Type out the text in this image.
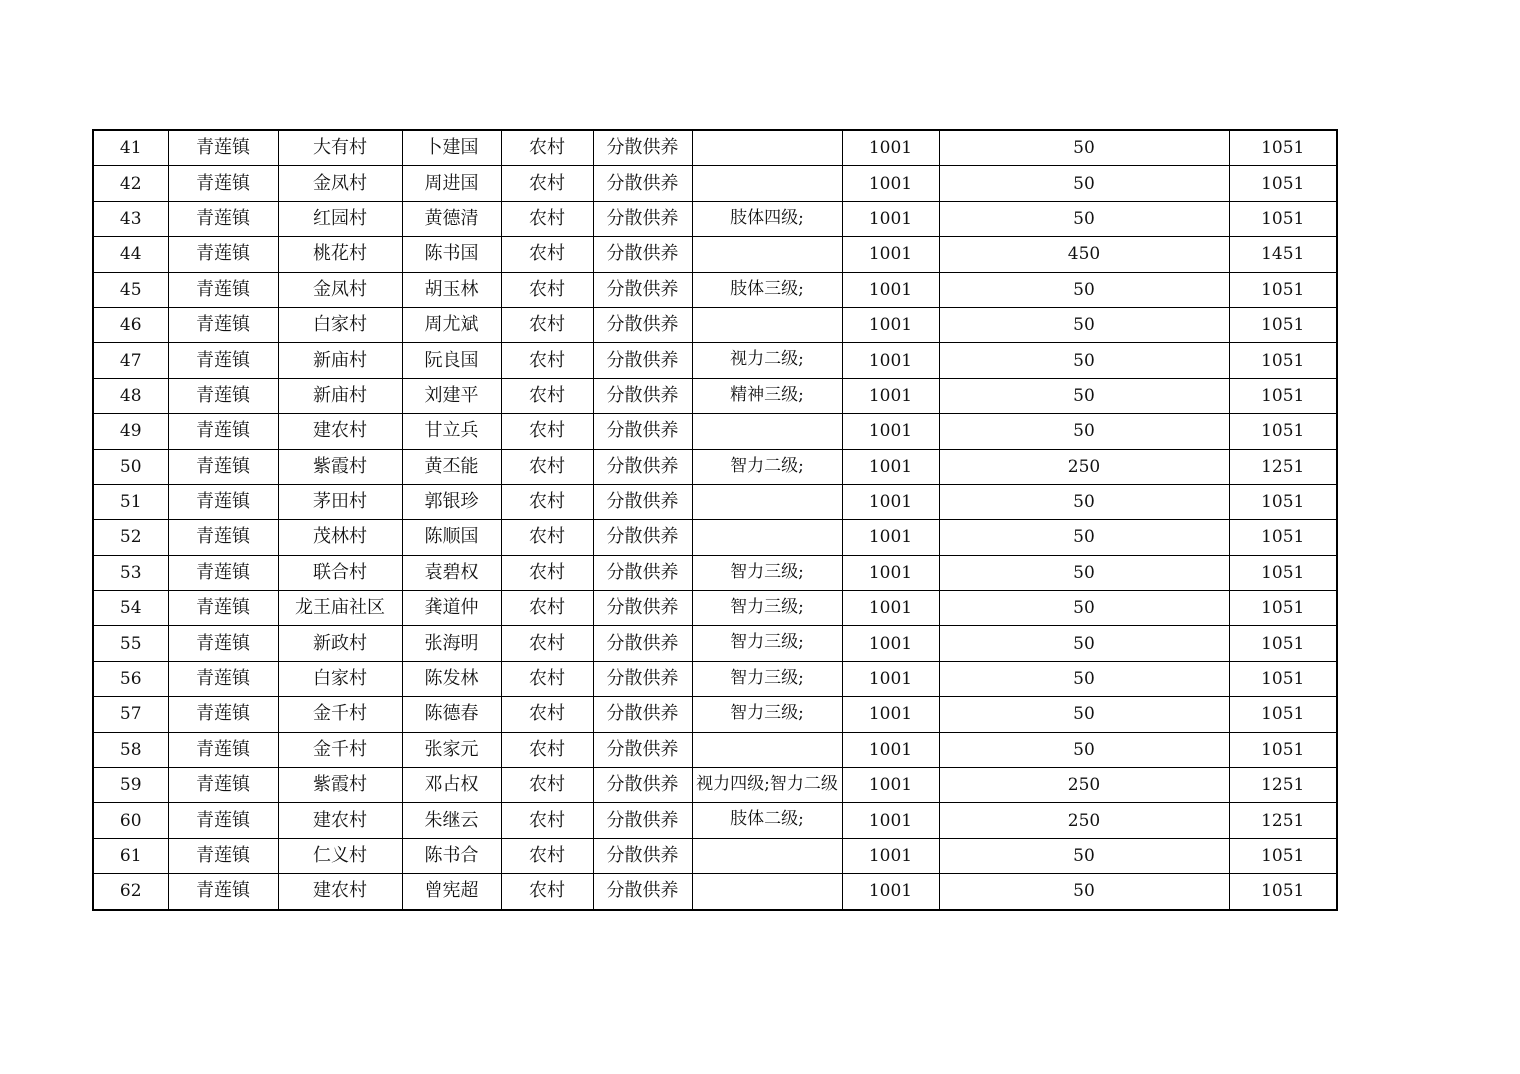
41	青莲镇	大有村	卜建国	农村	分散供养		1001	50	1051
42	青莲镇	金凤村	周进国	农村	分散供养		1001	50	1051
43	青莲镇	红园村	黄德清	农村	分散供养	肢体四级;	1001	50	1051
44	青莲镇	桃花村	陈书国	农村	分散供养		1001	450	1451
45	青莲镇	金凤村	胡玉林	农村	分散供养	肢体三级;	1001	50	1051
46	青莲镇	白家村	周尤斌	农村	分散供养		1001	50	1051
47	青莲镇	新庙村	阮良国	农村	分散供养	视力二级;	1001	50	1051
48	青莲镇	新庙村	刘建平	农村	分散供养	精神三级;	1001	50	1051
49	青莲镇	建农村	甘立兵	农村	分散供养		1001	50	1051
50	青莲镇	紫霞村	黄丕能	农村	分散供养	智力二级;	1001	250	1251
51	青莲镇	茅田村	郭银珍	农村	分散供养		1001	50	1051
52	青莲镇	茂林村	陈顺国	农村	分散供养		1001	50	1051
53	青莲镇	联合村	袁碧权	农村	分散供养	智力三级;	1001	50	1051
54	青莲镇	龙王庙社区	龚道仲	农村	分散供养	智力三级;	1001	50	1051
55	青莲镇	新政村	张海明	农村	分散供养	智力三级;	1001	50	1051
56	青莲镇	白家村	陈发林	农村	分散供养	智力三级;	1001	50	1051
57	青莲镇	金千村	陈德春	农村	分散供养	智力三级;	1001	50	1051
58	青莲镇	金千村	张家元	农村	分散供养		1001	50	1051
59	青莲镇	紫霞村	邓占权	农村	分散供养	视力四级;智力二级	1001	250	1251
60	青莲镇	建农村	朱继云	农村	分散供养	肢体二级;	1001	250	1251
61	青莲镇	仁义村	陈书合	农村	分散供养		1001	50	1051
62	青莲镇	建农村	曾宪超	农村	分散供养		1001	50	1051
